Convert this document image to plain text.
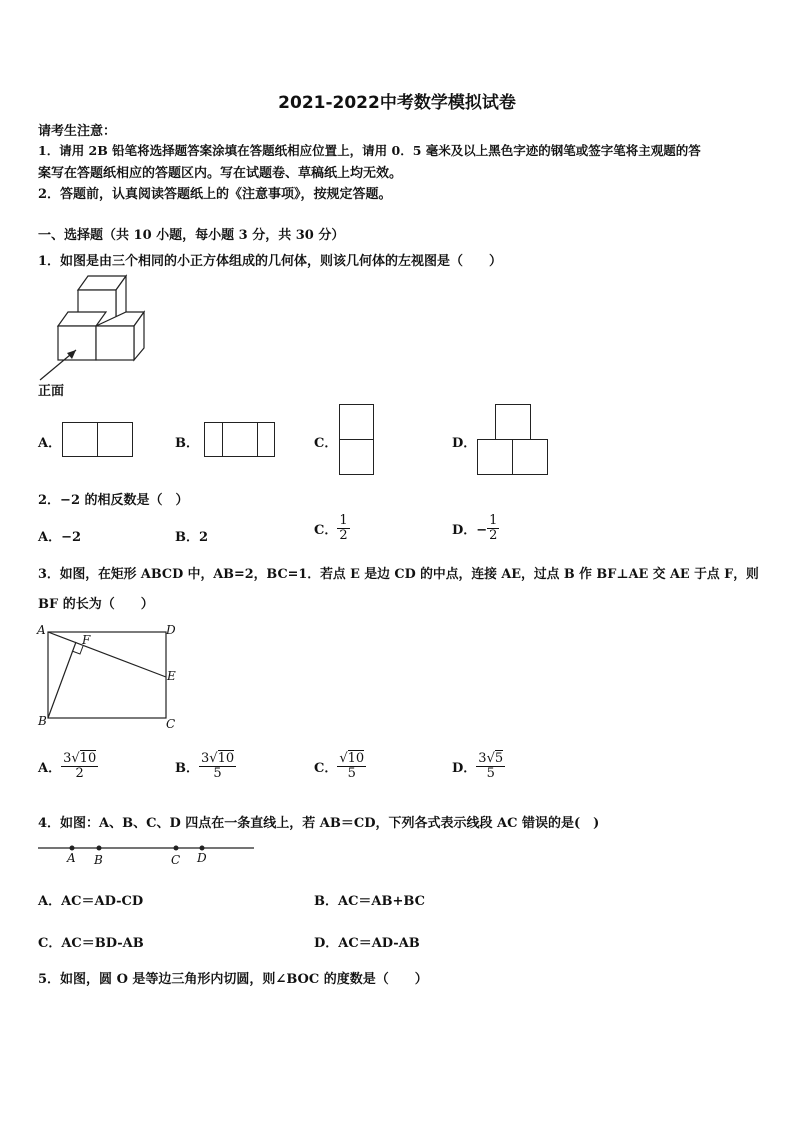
2021-2022中考数学模拟试卷
请考生注意：
1．请用 2B 铅笔将选择题答案涂填在答题纸相应位置上，请用 0．5 毫米及以上黑色字迹的钢笔或签字笔将主观题的答
案写在答题纸相应的答题区内。写在试题卷、草稿纸上均无效。
2．答题前，认真阅读答题纸上的《注意事项》，按规定答题。
一、选择题（共 10 小题，每小题 3 分，共 30 分）
1．如图是由三个相同的小正方体组成的几何体，则该几何体的左视图是（　　）
正面
A．	B．	C．	D．
2．−2 的相反数是（　）
A．−2	B．2	C． $\frac{1}{2}$	D．− $\frac{1}{2}$
3．如图，在矩形 ABCD 中，AB=2，BC=1．若点 E 是边 CD 的中点，连接 AE，过点 B 作 BF⊥AE 交 AE 于点 F，则
BF 的长为（　　）
A	D
E
F
B	C
A． $\frac{3√10}{2}$	B． $\frac{3√10}{5}$	C． $\frac{√10}{5}$	D． $\frac{3√5}{5}$
4．如图：A、B、C、D 四点在一条直线上，若 AB＝CD，下列各式表示线段 AC 错误的是(　)
A B	C D
A．AC＝AD-CD	B．AC＝AB+BC
C．AC＝BD-AB	D．AC＝AD-AB
5．如图，圆 O 是等边三角形内切圆，则∠BOC 的度数是（　　）
